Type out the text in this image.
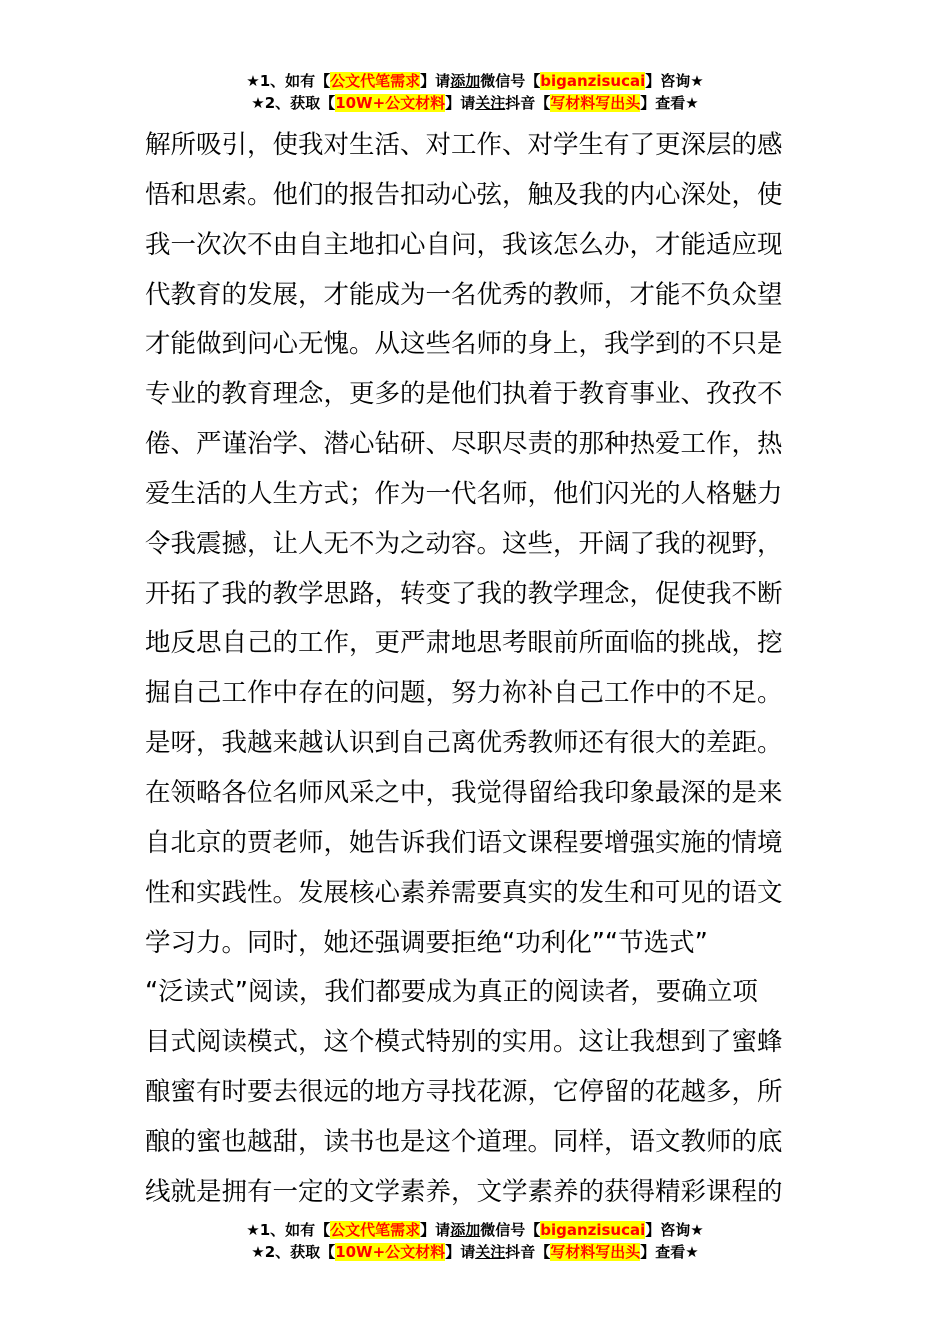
★1、如有【公文代笔需求】请添加微信号【biganzisucai】咨询★
★2、获取【10W+公文材料】请关注抖音【写材料写出头】查看★
解所吸引，使我对生活、对工作、对学生有了更深层的感
悟和思索。他们的报告扣动心弦，触及我的内心深处，使
我一次次不由自主地扣心自问，我该怎么办，才能适应现
代教育的发展，才能成为一名优秀的教师，才能不负众望
才能做到问心无愧。从这些名师的身上，我学到的不只是
专业的教育理念，更多的是他们执着于教育事业、孜孜不
倦、严谨治学、潜心钻研、尽职尽责的那种热爱工作，热
爱生活的人生方式；作为一代名师，他们闪光的人格魅力
令我震撼，让人无不为之动容。这些，开阔了我的视野，
开拓了我的教学思路，转变了我的教学理念，促使我不断
地反思自己的工作，更严肃地思考眼前所面临的挑战，挖
掘自己工作中存在的问题，努力祢补自己工作中的不足。
是呀，我越来越认识到自己离优秀教师还有很大的差距。
在领略各位名师风采之中，我觉得留给我印象最深的是来
自北京的贾老师，她告诉我们语文课程要增强实施的情境
性和实践性。发展核心素养需要真实的发生和可见的语文
学习力。同时，她还强调要拒绝“功利化”“节选式”
“泛读式”阅读，我们都要成为真正的阅读者，要确立项
目式阅读模式，这个模式特别的实用。这让我想到了蜜蜂
酿蜜有时要去很远的地方寻找花源，它停留的花越多，所
酿的蜜也越甜，读书也是这个道理。同样，语文教师的底
线就是拥有一定的文学素养，文学素养的获得精彩课程的
★1、如有【公文代笔需求】请添加微信号【biganzisucai】咨询★
★2、获取【10W+公文材料】请关注抖音【写材料写出头】查看★
